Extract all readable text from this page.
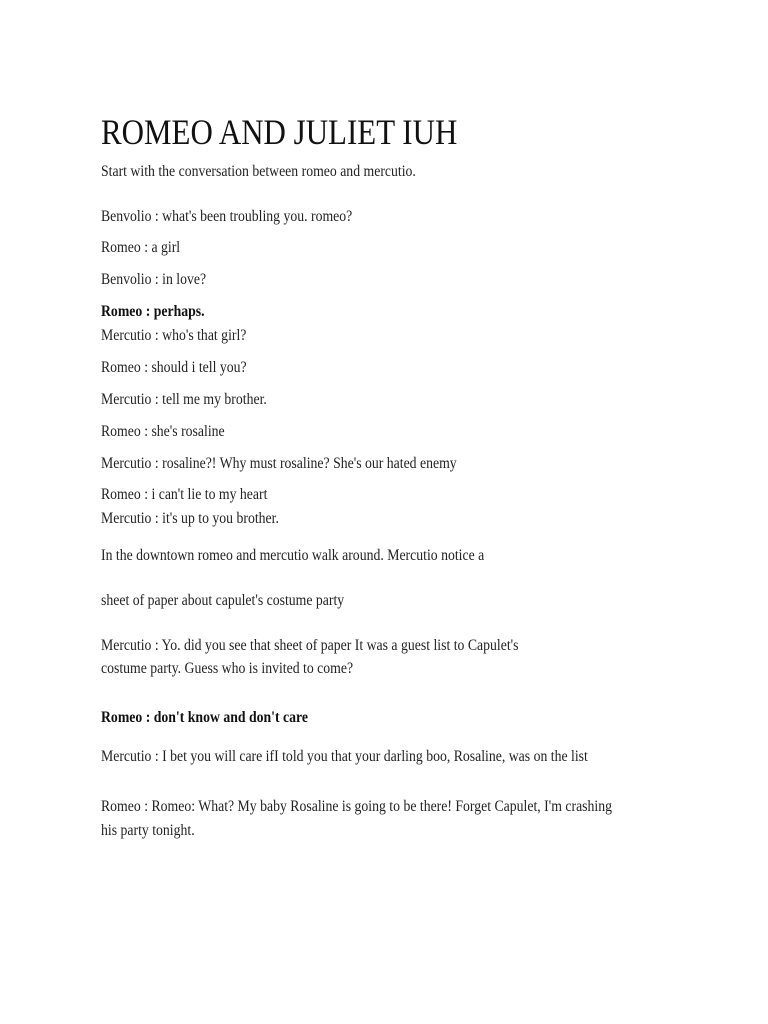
ROMEO AND JULIET IUH
Start with the conversation between romeo and mercutio.
Benvolio : what's been troubling you. romeo?
Romeo : a girl
Benvolio : in love?
Romeo : perhaps.
Mercutio : who's that girl?
Romeo : should i tell you?
Mercutio : tell me my brother.
Romeo : she's rosaline
Mercutio : rosaline?! Why must rosaline? She's our hated enemy
Romeo : i can't lie to my heart
Mercutio : it's up to you brother.
In the downtown romeo and mercutio walk around. Mercutio notice a
sheet of paper about capulet's costume party
Mercutio : Yo. did you see that sheet of paper It was a guest list to Capulet's
costume party. Guess who is invited to come?
Romeo : don't know and don't care
Mercutio : I bet you will care ifI told you that your darling boo, Rosaline, was on the list
Romeo : Romeo: What? My baby Rosaline is going to be there! Forget Capulet, I'm crashing
his party tonight.
